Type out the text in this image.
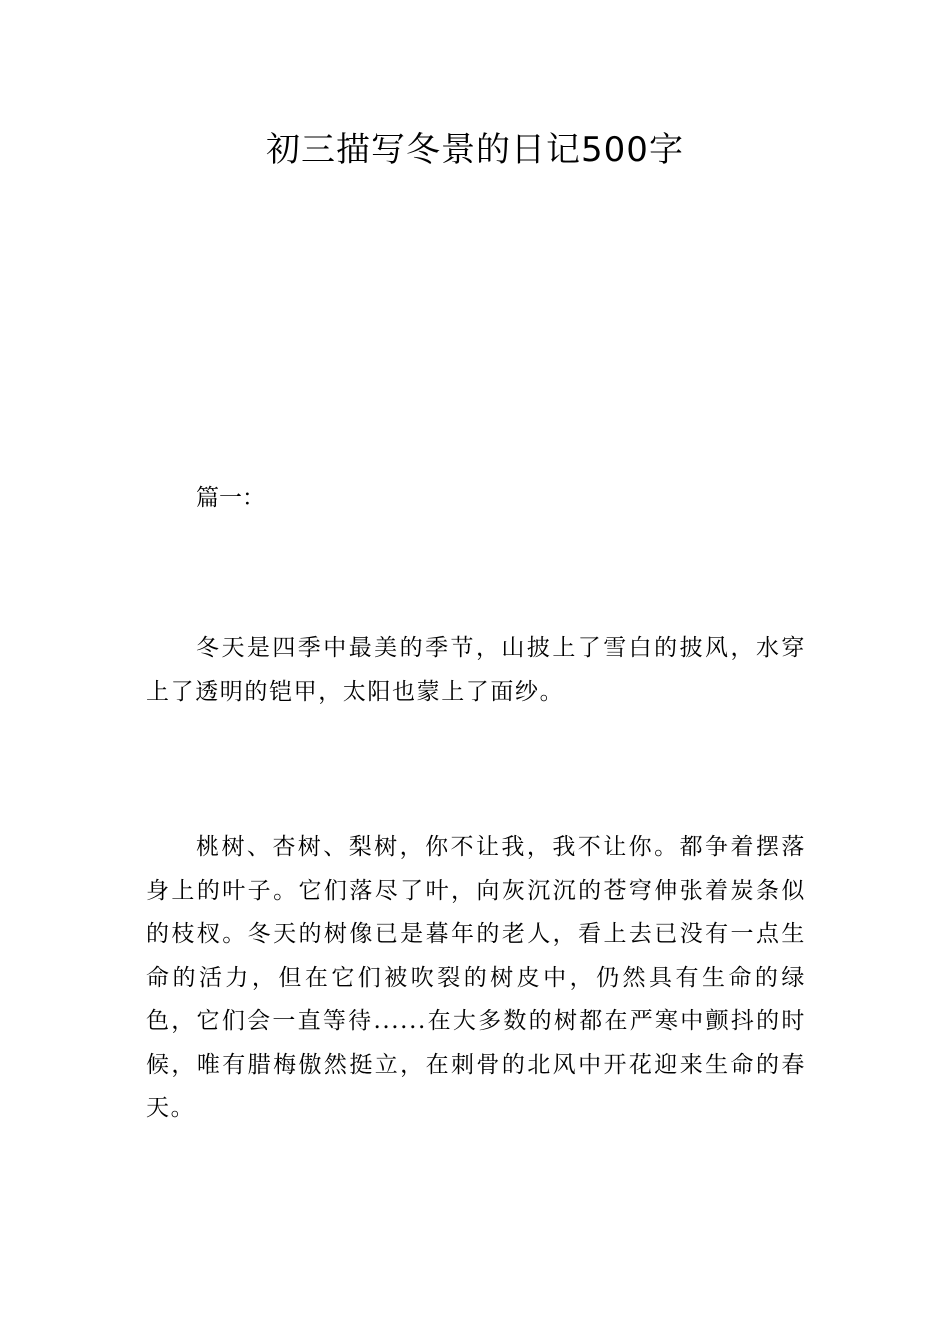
初三描写冬景的日记500字
篇一：

冬天是四季中最美的季节，山披上了雪白的披风，水穿上了透明的铠甲，太阳也蒙上了面纱。

桃树、杏树、梨树，你不让我，我不让你。都争着摆落身上的叶子。它们落尽了叶，向灰沉沉的苍穹伸张着炭条似的枝杈。冬天的树像已是暮年的老人，看上去已没有一点生命的活力，但在它们被吹裂的树皮中，仍然具有生命的绿色，它们会一直等待......在大多数的树都在严寒中颤抖的时候，唯有腊梅傲然挺立，在刺骨的北风中开花迎来生命的春天。
